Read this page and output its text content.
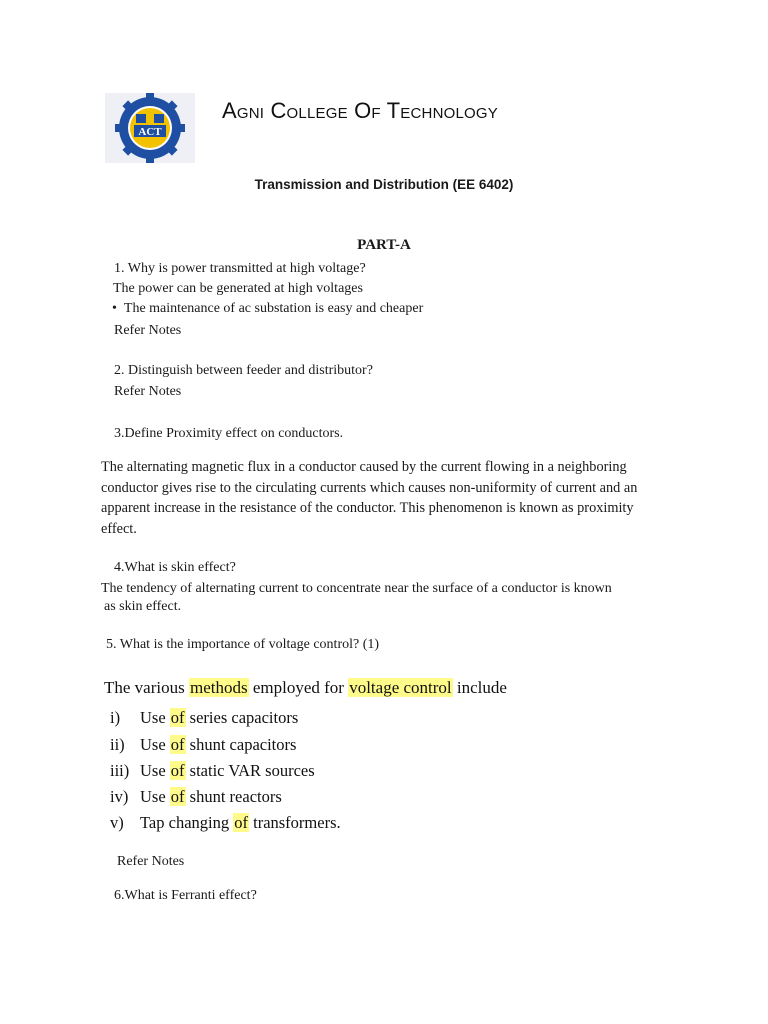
ACT
Agni College Of Technology
Transmission and Distribution (EE 6402)
PART-A
1. Why is power transmitted at high voltage?
The power can be generated at high voltages
• The maintenance of ac substation is easy and cheaper
Refer Notes
2. Distinguish between feeder and distributor?
Refer Notes
3.Define Proximity effect on conductors.
The alternating magnetic flux in a conductor caused by the current flowing in a neighboring conductor gives rise to the circulating currents which causes non-uniformity of current and an apparent increase in the resistance of the conductor. This phenomenon is known as proximity effect.
4.What is skin effect?
The tendency of alternating current to concentrate near the surface of a conductor is known
as skin effect.
5. What is the importance of voltage control? (1)
The various methods employed for voltage control include
i) Use of series capacitors
ii) Use of shunt capacitors
iii) Use of static VAR sources
iv) Use of shunt reactors
v) Tap changing of transformers.
Refer Notes
6.What is Ferranti effect?
